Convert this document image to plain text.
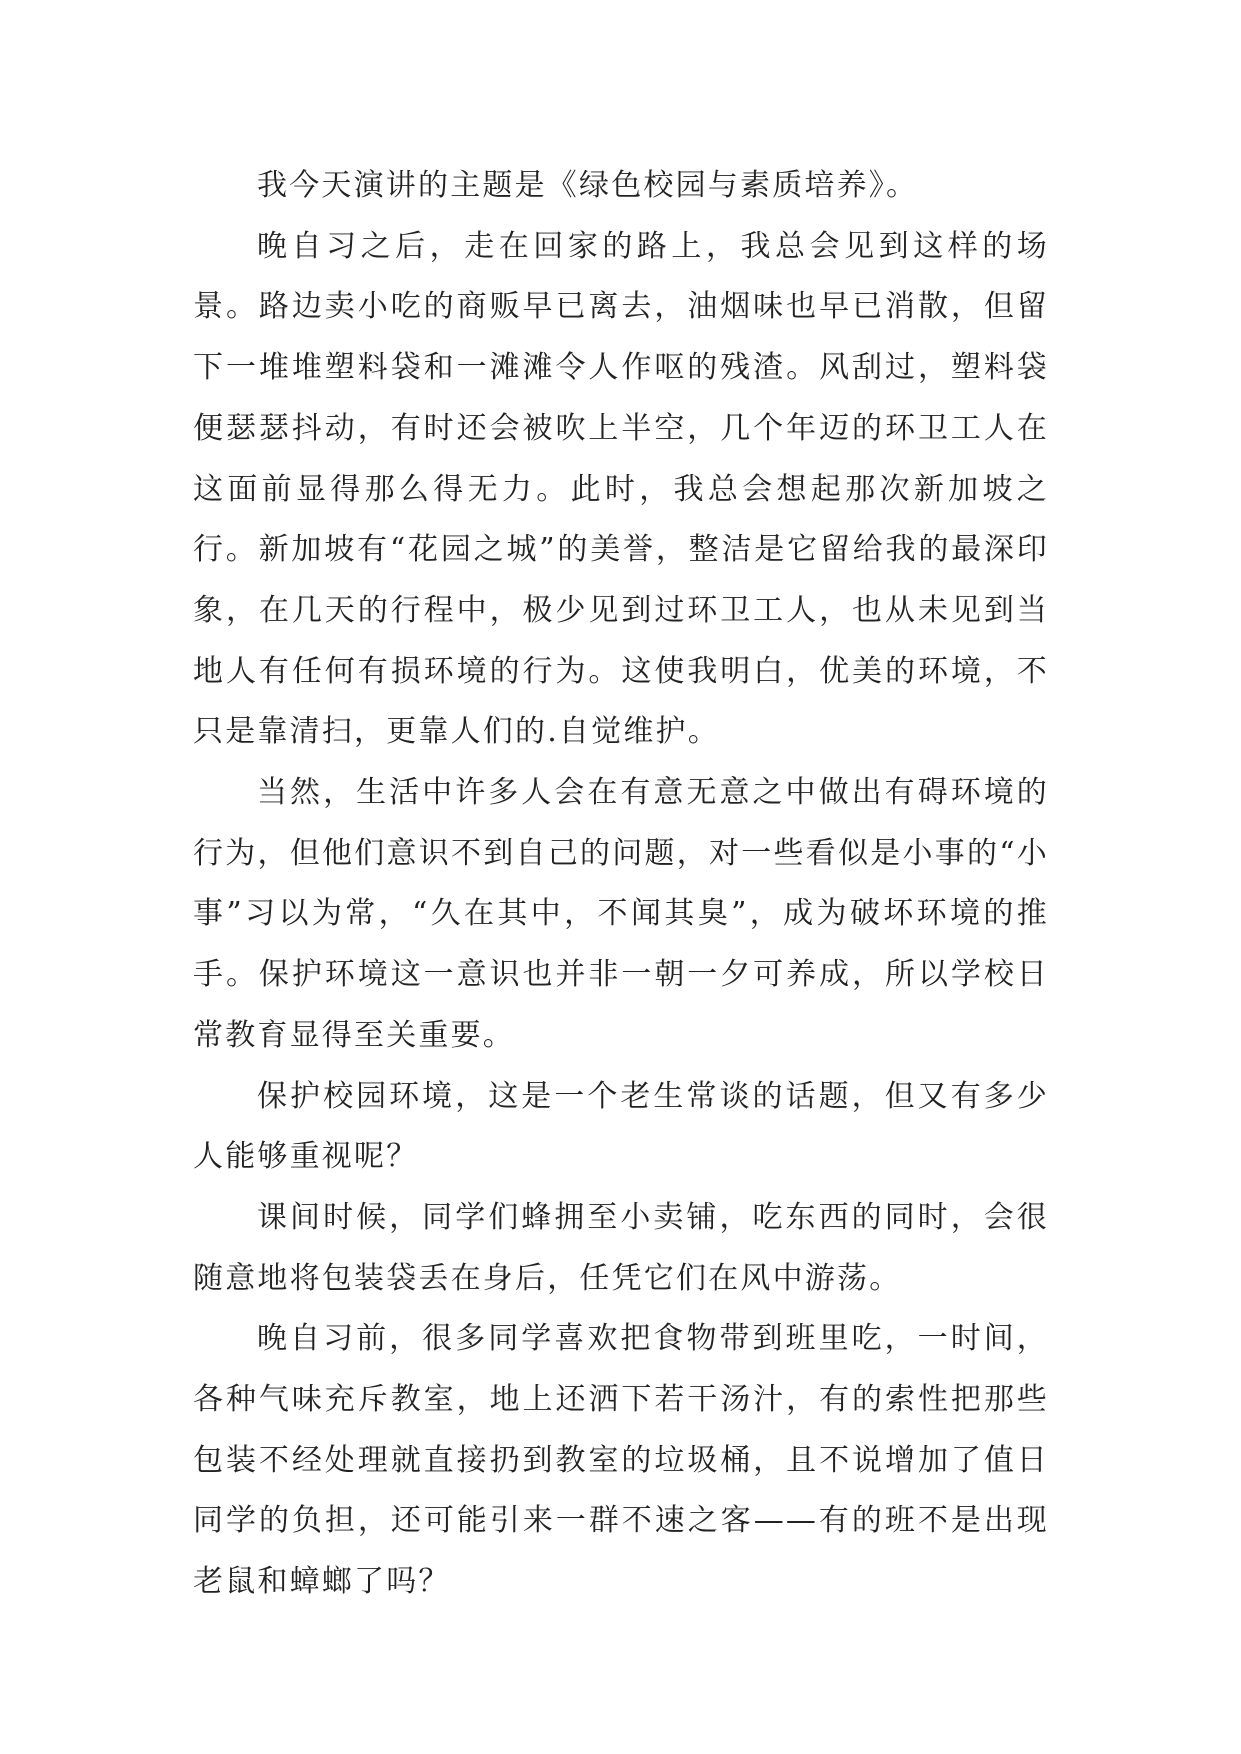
我今天演讲的主题是《绿色校园与素质培养》。

晚自习之后，走在回家的路上，我总会见到这样的场景。路边卖小吃的商贩早已离去，油烟味也早已消散，但留下一堆堆塑料袋和一滩滩令人作呕的残渣。风刮过，塑料袋便瑟瑟抖动，有时还会被吹上半空，几个年迈的环卫工人在这面前显得那么得无力。此时，我总会想起那次新加坡之行。新加坡有“花园之城”的美誉，整洁是它留给我的最深印象，在几天的行程中，极少见到过环卫工人，也从未见到当地人有任何有损环境的行为。这使我明白，优美的环境，不只是靠清扫，更靠人们的.自觉维护。

当然，生活中许多人会在有意无意之中做出有碍环境的行为，但他们意识不到自己的问题，对一些看似是小事的“小事”习以为常，“久在其中，不闻其臭”，成为破坏环境的推手。保护环境这一意识也并非一朝一夕可养成，所以学校日常教育显得至关重要。

保护校园环境，这是一个老生常谈的话题，但又有多少人能够重视呢？

课间时候，同学们蜂拥至小卖铺，吃东西的同时，会很随意地将包装袋丢在身后，任凭它们在风中游荡。

晚自习前，很多同学喜欢把食物带到班里吃，一时间，各种气味充斥教室，地上还洒下若干汤汁，有的索性把那些包装不经处理就直接扔到教室的垃圾桶，且不说增加了值日同学的负担，还可能引来一群不速之客——有的班不是出现老鼠和蟑螂了吗？
